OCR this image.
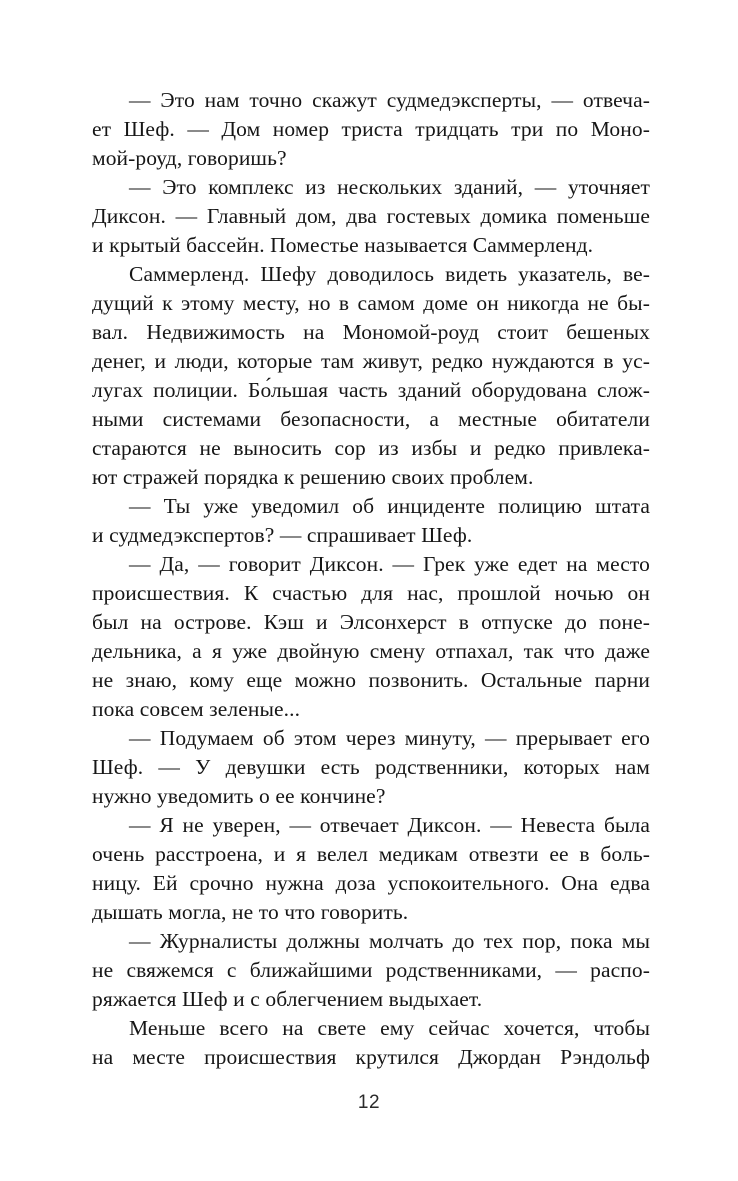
— Это нам точно скажут судмедэксперты, — отвеча-
ет Шеф. — Дом номер триста тридцать три по Моно-
мой-роуд, говоришь?
— Это комплекс из нескольких зданий, — уточняет
Диксон. — Главный дом, два гостевых домика поменьше
и крытый бассейн. Поместье называется Саммерленд.
Саммерленд. Шефу доводилось видеть указатель, ве-
дущий к этому месту, но в самом доме он никогда не бы-
вал. Недвижимость на Мономой-роуд стоит бешеных
денег, и люди, которые там живут, редко нуждаются в ус-
лугах полиции. Бо́льшая часть зданий оборудована слож-
ными системами безопасности, а местные обитатели
стараются не выносить сор из избы и редко привлека-
ют стражей порядка к решению своих проблем.
— Ты уже уведомил об инциденте полицию штата
и судмедэкспертов? — спрашивает Шеф.
— Да, — говорит Диксон. — Грек уже едет на место
происшествия. К счастью для нас, прошлой ночью он
был на острове. Кэш и Элсонхерст в отпуске до поне-
дельника, а я уже двойную смену отпахал, так что даже
не знаю, кому еще можно позвонить. Остальные парни
пока совсем зеленые...
— Подумаем об этом через минуту, — прерывает его
Шеф. — У девушки есть родственники, которых нам
нужно уведомить о ее кончине?
— Я не уверен, — отвечает Диксон. — Невеста была
очень расстроена, и я велел медикам отвезти ее в боль-
ницу. Ей срочно нужна доза успокоительного. Она едва
дышать могла, не то что говорить.
— Журналисты должны молчать до тех пор, пока мы
не свяжемся с ближайшими родственниками, — распо-
ряжается Шеф и с облегчением выдыхает.
Меньше всего на свете ему сейчас хочется, чтобы
на месте происшествия крутился Джордан Рэндольф
12
